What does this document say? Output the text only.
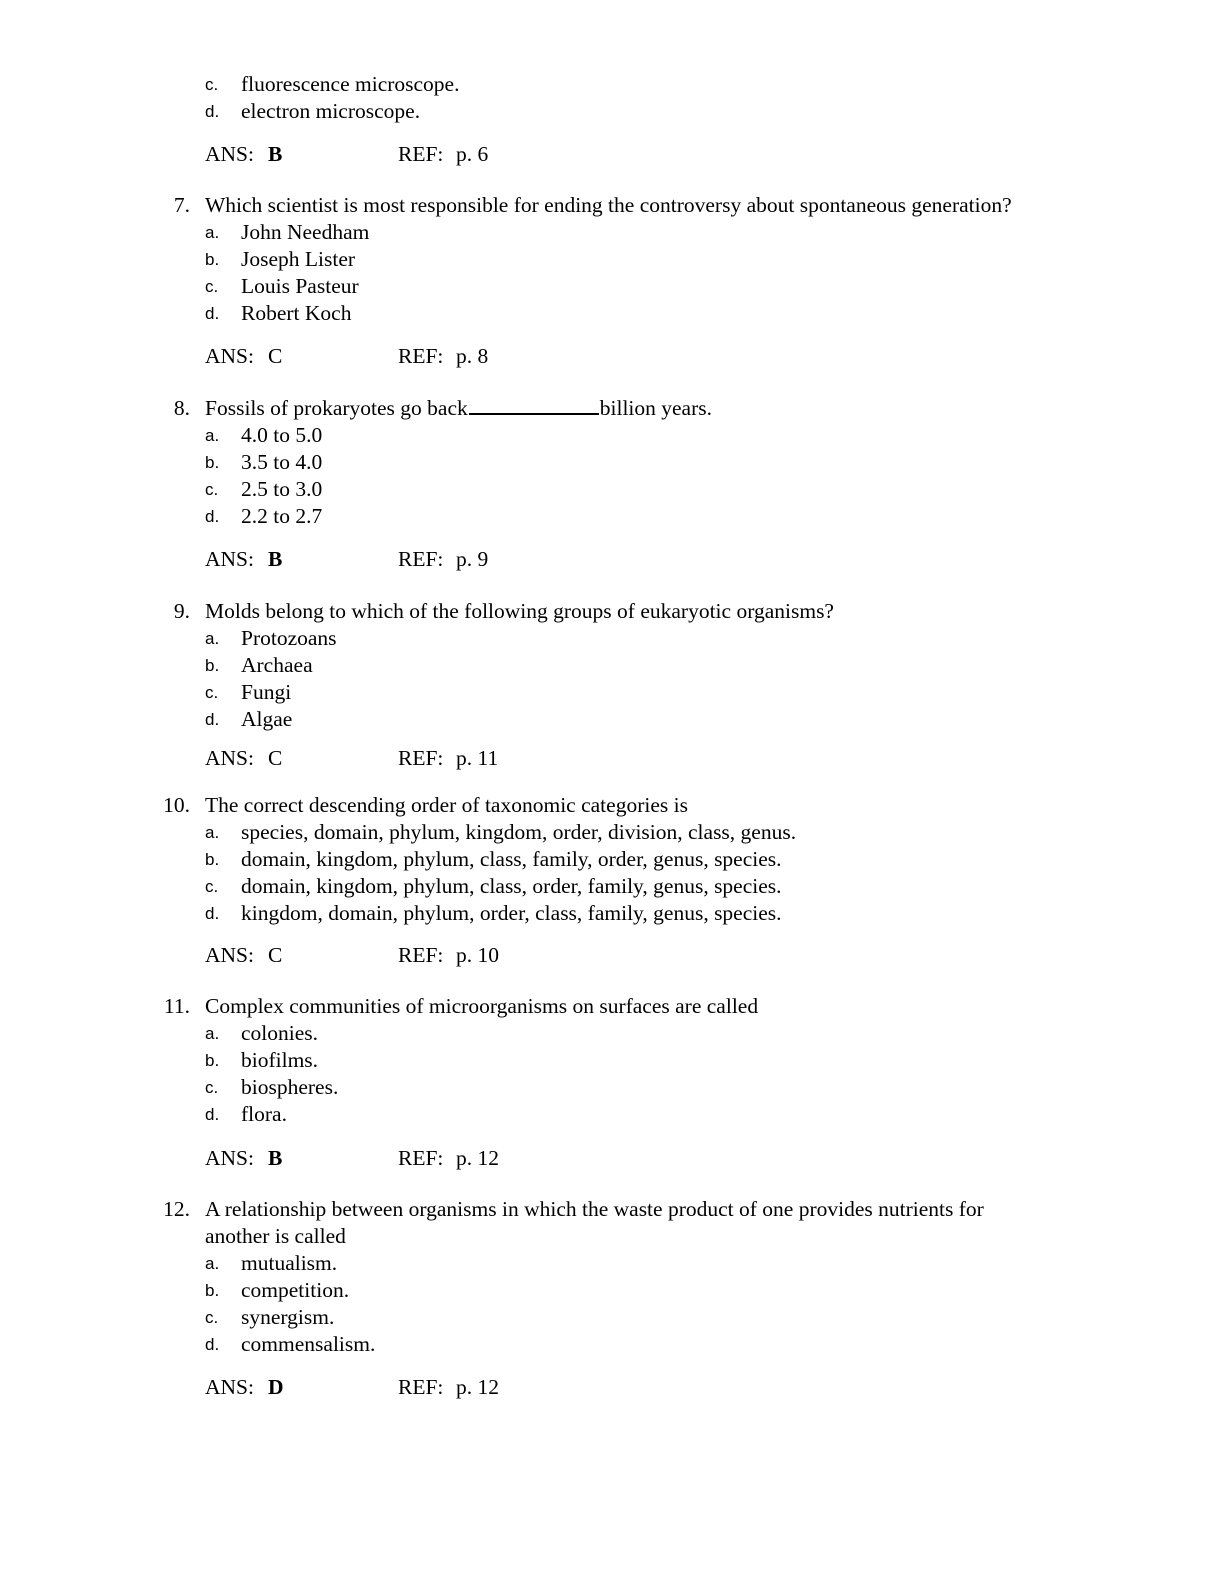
c. fluorescence microscope.
d. electron microscope.
ANS: B	REF: p. 6
7. Which scientist is most responsible for ending the controversy about spontaneous generation?
a. John Needham
b. Joseph Lister
c. Louis Pasteur
d. Robert Koch
ANS: C	REF: p. 8
8. Fossils of prokaryotes go back	billion years.
a. 4.0 to 5.0
b. 3.5 to 4.0
c. 2.5 to 3.0
d. 2.2 to 2.7
ANS: B	REF: p. 9
9. Molds belong to which of the following groups of eukaryotic organisms?
a. Protozoans
b. Archaea
c. Fungi
d. Algae
ANS: C	REF: p. 11
10. The correct descending order of taxonomic categories is
a. species, domain, phylum, kingdom, order, division, class, genus.
b. domain, kingdom, phylum, class, family, order, genus, species.
c. domain, kingdom, phylum, class, order, family, genus, species.
d. kingdom, domain, phylum, order, class, family, genus, species.
ANS: C	REF: p. 10
11. Complex communities of microorganisms on surfaces are called
a. colonies.
b. biofilms.
c. biospheres.
d. flora.
ANS: B	REF: p. 12
12. A relationship between organisms in which the waste product of one provides nutrients for
another is called
a. mutualism.
b. competition.
c. synergism.
d. commensalism.
ANS: D	REF: p. 12
